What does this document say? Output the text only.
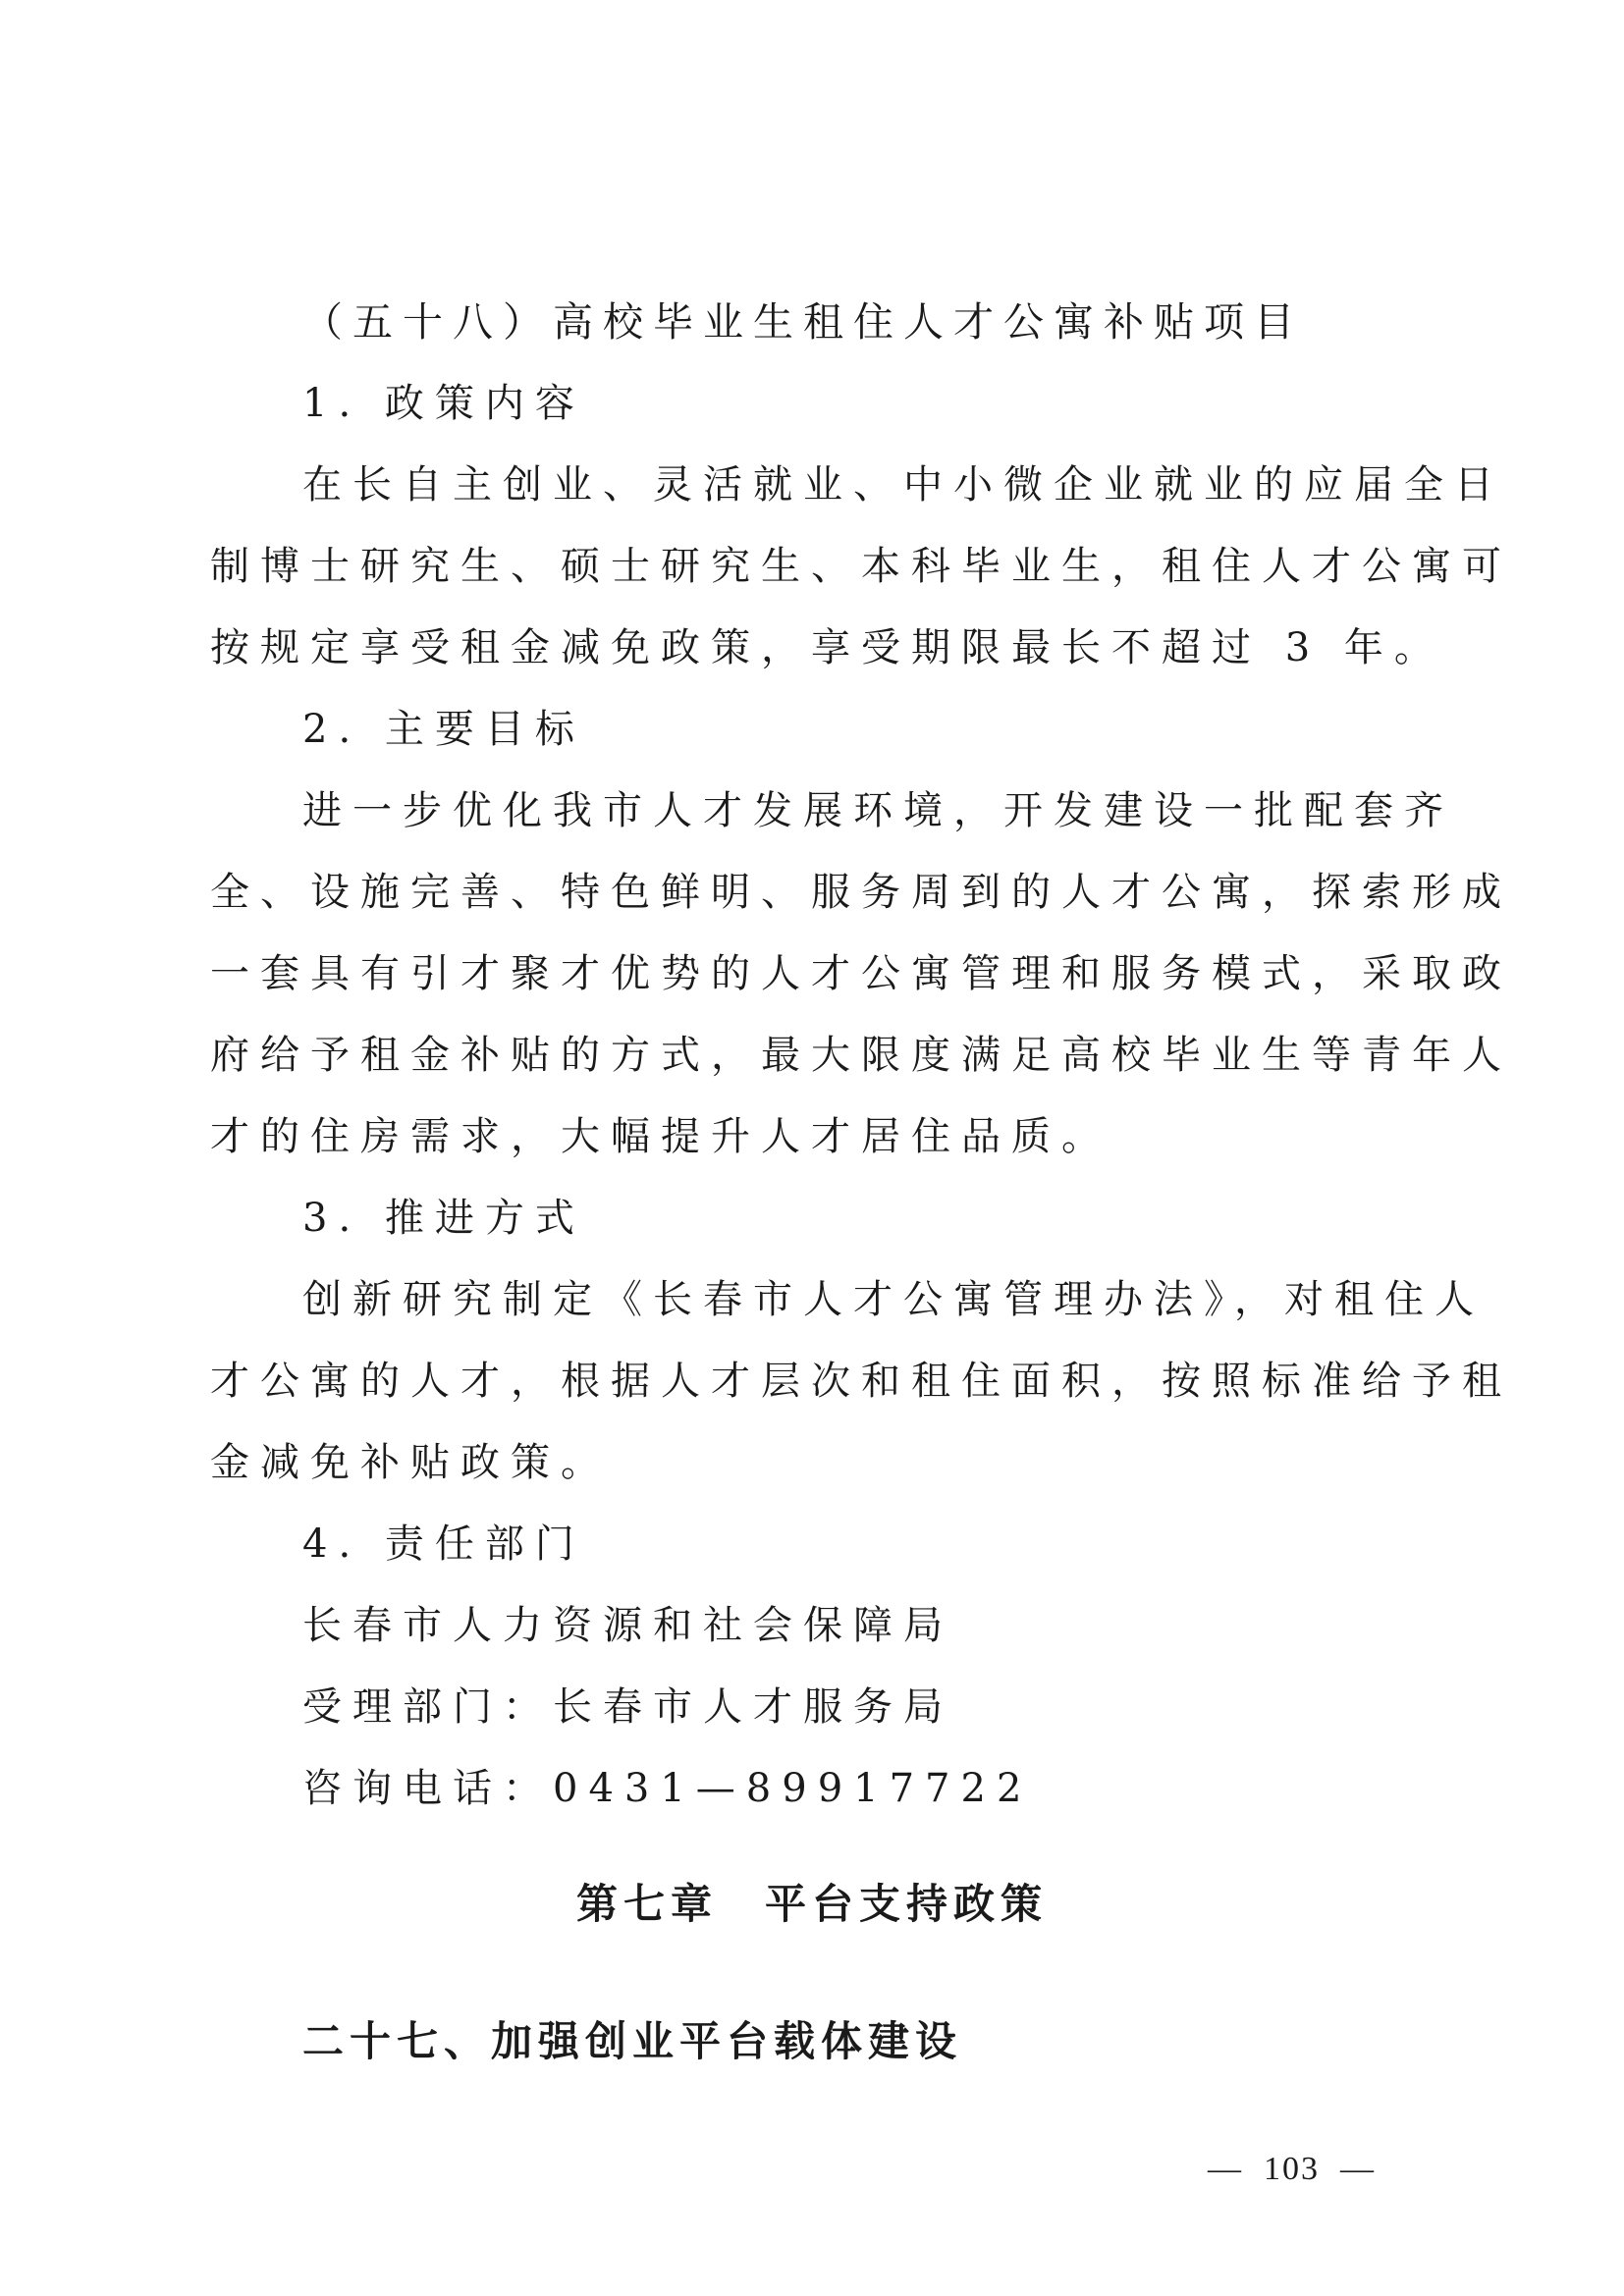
（五十八）高校毕业生租住人才公寓补贴项目
1. 政策内容
在长自主创业、灵活就业、中小微企业就业的应届全日
制博士研究生、硕士研究生、本科毕业生，租住人才公寓可
按规定享受租金减免政策，享受期限最长不超过 3 年。
2. 主要目标
进一步优化我市人才发展环境，开发建设一批配套齐
全、设施完善、特色鲜明、服务周到的人才公寓，探索形成
一套具有引才聚才优势的人才公寓管理和服务模式，采取政
府给予租金补贴的方式，最大限度满足高校毕业生等青年人
才的住房需求，大幅提升人才居住品质。
3. 推进方式
创新研究制定《长春市人才公寓管理办法》，对租住人
才公寓的人才，根据人才层次和租住面积，按照标准给予租
金减免补贴政策。
4. 责任部门
长春市人力资源和社会保障局
受理部门：长春市人才服务局
咨询电话：0431—89917722
第七章　平台支持政策
二十七、加强创业平台载体建设
—  103  —
